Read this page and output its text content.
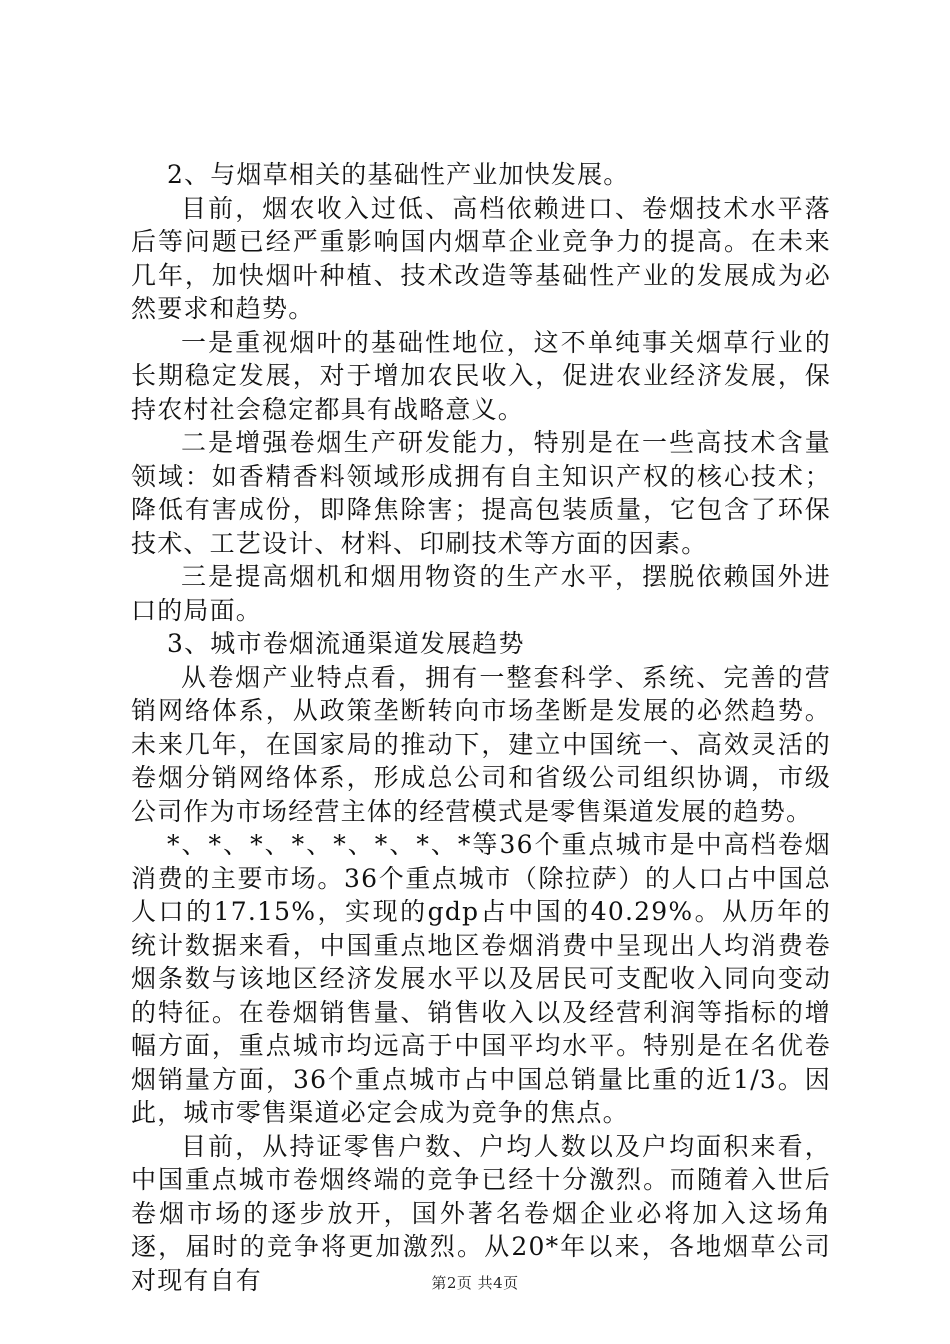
2、与烟草相关的基础性产业加快发展。

目前，烟农收入过低、高档依赖进口、卷烟技术水平落后等问题已经严重影响国内烟草企业竞争力的提高。在未来几年，加快烟叶种植、技术改造等基础性产业的发展成为必然要求和趋势。

一是重视烟叶的基础性地位，这不单纯事关烟草行业的长期稳定发展，对于增加农民收入，促进农业经济发展，保持农村社会稳定都具有战略意义。

二是增强卷烟生产研发能力，特别是在一些高技术含量领域：如香精香料领域形成拥有自主知识产权的核心技术；降低有害成份，即降焦除害；提高包装质量，它包含了环保技术、工艺设计、材料、印刷技术等方面的因素。

三是提高烟机和烟用物资的生产水平，摆脱依赖国外进口的局面。

3、城市卷烟流通渠道发展趋势

从卷烟产业特点看，拥有一整套科学、系统、完善的营销网络体系，从政策垄断转向市场垄断是发展的必然趋势。未来几年，在国家局的推动下，建立中国统一、高效灵活的卷烟分销网络体系，形成总公司和省级公司组织协调，市级公司作为市场经营主体的经营模式是零售渠道发展的趋势。

*、*、*、*、*、*、*、*等36个重点城市是中高档卷烟消费的主要市场。36个重点城市（除拉萨）的人口占中国总人口的17.15%，实现的gdp占中国的40.29%。从历年的统计数据来看，中国重点地区卷烟消费中呈现出人均消费卷烟条数与该地区经济发展水平以及居民可支配收入同向变动的特征。在卷烟销售量、销售收入以及经营利润等指标的增幅方面，重点城市均远高于中国平均水平。特别是在名优卷烟销量方面，36个重点城市占中国总销量比重的近1/3。因此，城市零售渠道必定会成为竞争的焦点。

目前，从持证零售户数、户均人数以及户均面积来看，中国重点城市卷烟终端的竞争已经十分激烈。而随着入世后卷烟市场的逐步放开，国外著名卷烟企业必将加入这场角逐，届时的竞争将更加激烈。从20*年以来，各地烟草公司对现有自有	第2页 共4页
